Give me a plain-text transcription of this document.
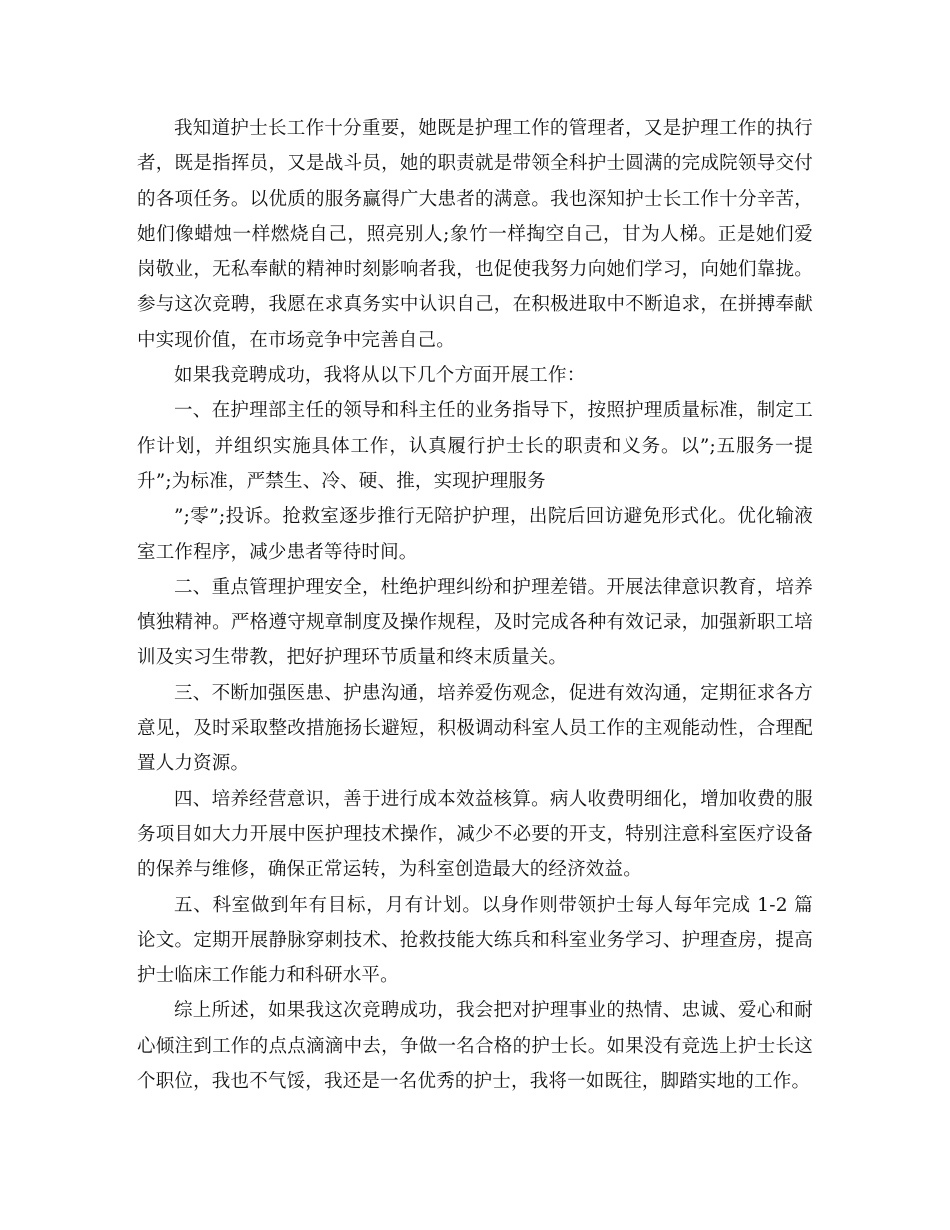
我知道护士长工作十分重要，她既是护理工作的管理者，又是护理工作的执行者，既是指挥员，又是战斗员，她的职责就是带领全科护士圆满的完成院领导交付的各项任务。以优质的服务赢得广大患者的满意。我也深知护士长工作十分辛苦，她们像蜡烛一样燃烧自己，照亮别人;象竹一样掏空自己，甘为人梯。正是她们爱岗敬业，无私奉献的精神时刻影响者我，也促使我努力向她们学习，向她们靠拢。参与这次竞聘，我愿在求真务实中认识自己，在积极进取中不断追求，在拼搏奉献中实现价值，在市场竞争中完善自己。

如果我竞聘成功，我将从以下几个方面开展工作：

一、在护理部主任的领导和科主任的业务指导下，按照护理质量标准，制定工作计划，并组织实施具体工作，认真履行护士长的职责和义务。以”;五服务一提升”;为标准，严禁生、冷、硬、推，实现护理服务

”;零”;投诉。抢救室逐步推行无陪护护理，出院后回访避免形式化。优化输液室工作程序，减少患者等待时间。

二、重点管理护理安全，杜绝护理纠纷和护理差错。开展法律意识教育，培养慎独精神。严格遵守规章制度及操作规程，及时完成各种有效记录，加强新职工培训及实习生带教，把好护理环节质量和终末质量关。

三、不断加强医患、护患沟通，培养爱伤观念，促进有效沟通，定期征求各方意见，及时采取整改措施扬长避短，积极调动科室人员工作的主观能动性，合理配置人力资源。

四、培养经营意识，善于进行成本效益核算。病人收费明细化，增加收费的服务项目如大力开展中医护理技术操作，减少不必要的开支，特别注意科室医疗设备的保养与维修，确保正常运转，为科室创造最大的经济效益。

五、科室做到年有目标，月有计划。以身作则带领护士每人每年完成 1-2 篇论文。定期开展静脉穿刺技术、抢救技能大练兵和科室业务学习、护理查房，提高护士临床工作能力和科研水平。

综上所述，如果我这次竞聘成功，我会把对护理事业的热情、忠诚、爱心和耐心倾注到工作的点点滴滴中去，争做一名合格的护士长。如果没有竞选上护士长这个职位，我也不气馁，我还是一名优秀的护士，我将一如既往，脚踏实地的工作。
